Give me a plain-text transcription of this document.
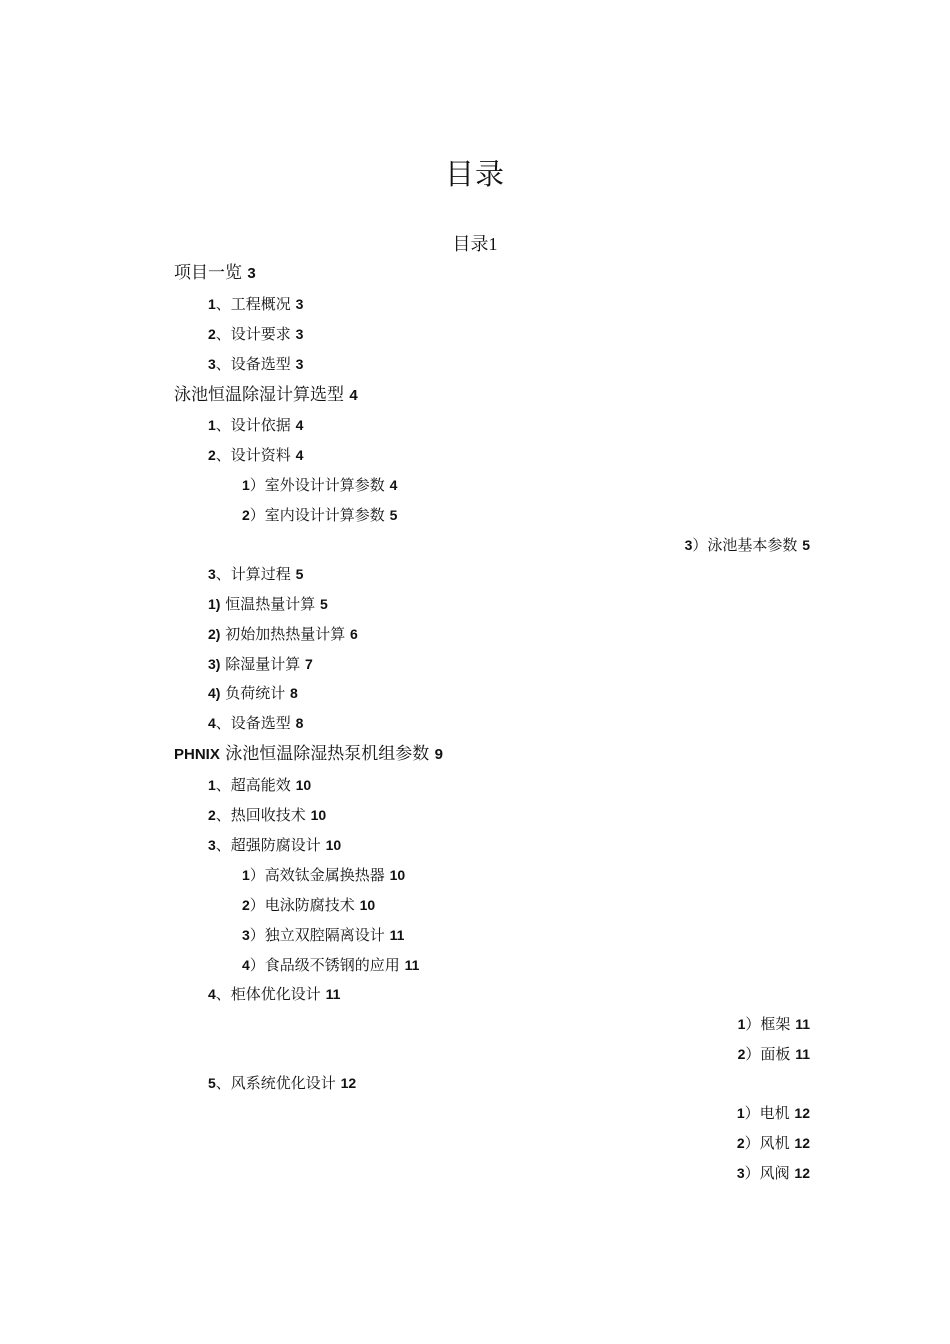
目录
目录1
项目一览 3
1、工程概况 3
2、设计要求 3
3、设备选型 3
泳池恒温除湿计算选型 4
1、设计依据 4
2、设计资料 4
1）室外设计计算参数 4
2）室内设计计算参数 5
3）泳池基本参数 5
3、计算过程 5
1) 恒温热量计算 5
2) 初始加热热量计算 6
3) 除湿量计算 7
4) 负荷统计 8
4、设备选型 8
PHNIX 泳池恒温除湿热泵机组参数 9
1、超高能效 10
2、热回收技术 10
3、超强防腐设计 10
1）高效钛金属换热器 10
2）电泳防腐技术 10
3）独立双腔隔离设计 11
4）食品级不锈钢的应用 11
4、柜体优化设计 11
1）框架 11
2）面板 11
5、风系统优化设计 12
1）电机 12
2）风机 12
3）风阀 12
